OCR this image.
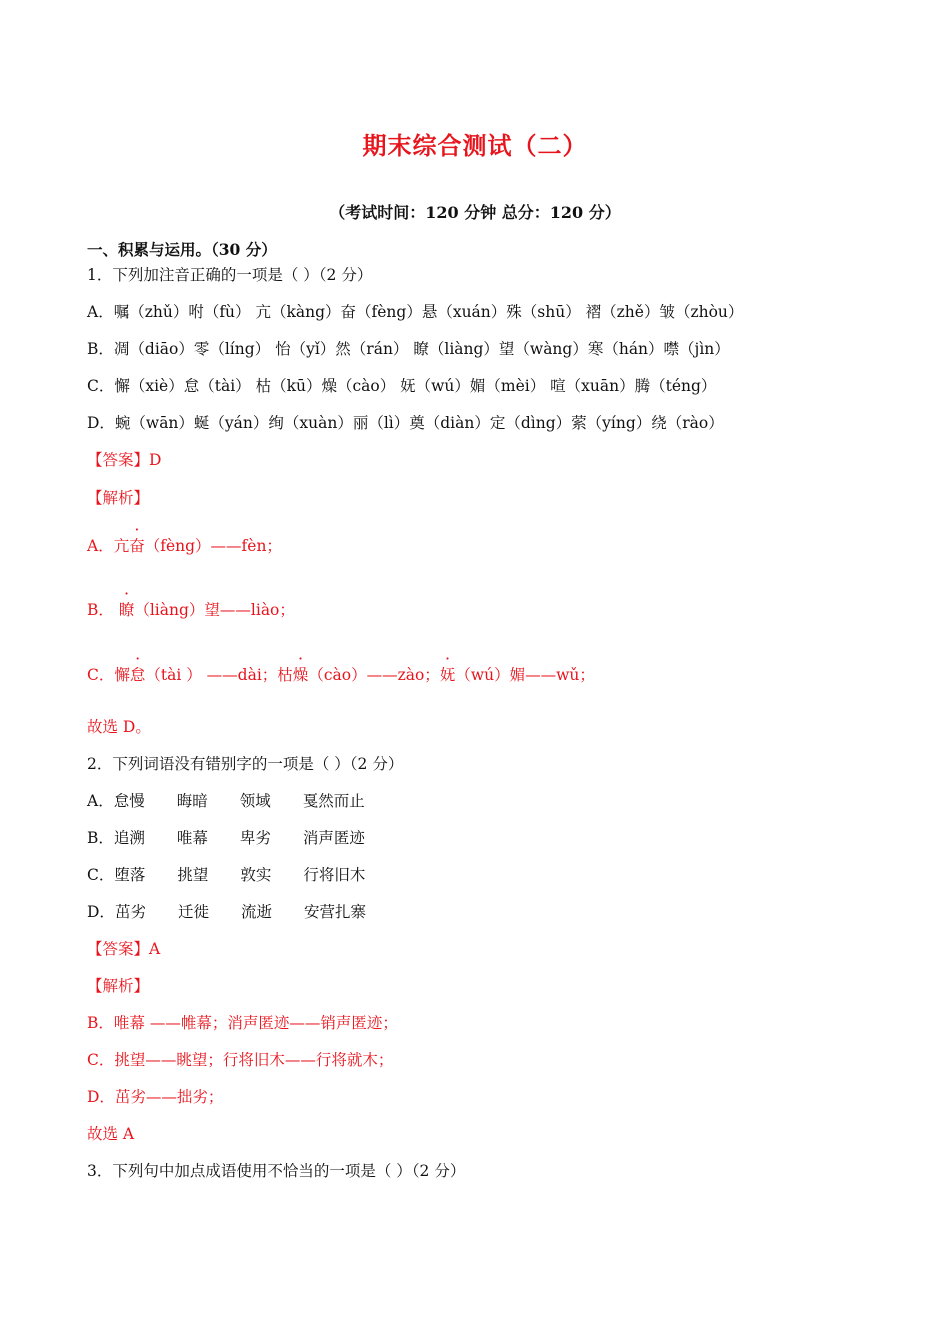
期末综合测试（二）
（考试时间：120 分钟 总分：120 分）
一、积累与运用。（30 分）
1．下列加注音正确的一项是（ ）（2 分）
A．嘱（zhǔ）咐（fù） 亢（kàng）奋（fèng）悬（xuán）殊（shū） 褶（zhě）皱（zhòu）
B．凋（diāo）零（líng） 怡（yǐ）然（rán） 瞭（liàng）望（wàng）寒（hán）噤（jìn）
C．懈（xiè）怠（tài） 枯（kū）燥（cào） 妩（wú）媚（mèi） 喧（xuān）腾（téng）
D．蜿（wān）蜒（yán）绚（xuàn）丽（lì）奠（diàn）定（dìng）萦（yíng）绕（rào）
【答案】D
【解析】
A．亢奋（fèng）——fèn；
B． 瞭（liàng）望——liào；
C．懈怠（tài ） ——dài；枯燥（cào）——zào；妩（wú）媚——wǔ；
故选 D。
2．下列词语没有错别字的一项是（ ）（2 分）
A．怠慢 晦暗 领域 戛然而止
B．追溯 唯幕 卑劣 消声匿迹
C．堕落 挑望 敦实 行将旧木
D．茁劣 迁徙 流逝 安营扎寨
【答案】A
【解析】
B．唯幕 ——帷幕；消声匿迹——销声匿迹；
C．挑望——眺望；行将旧木——行将就木；
D．茁劣——拙劣；
故选 A
3．下列句中加点成语使用不恰当的一项是（ ）（2 分）
